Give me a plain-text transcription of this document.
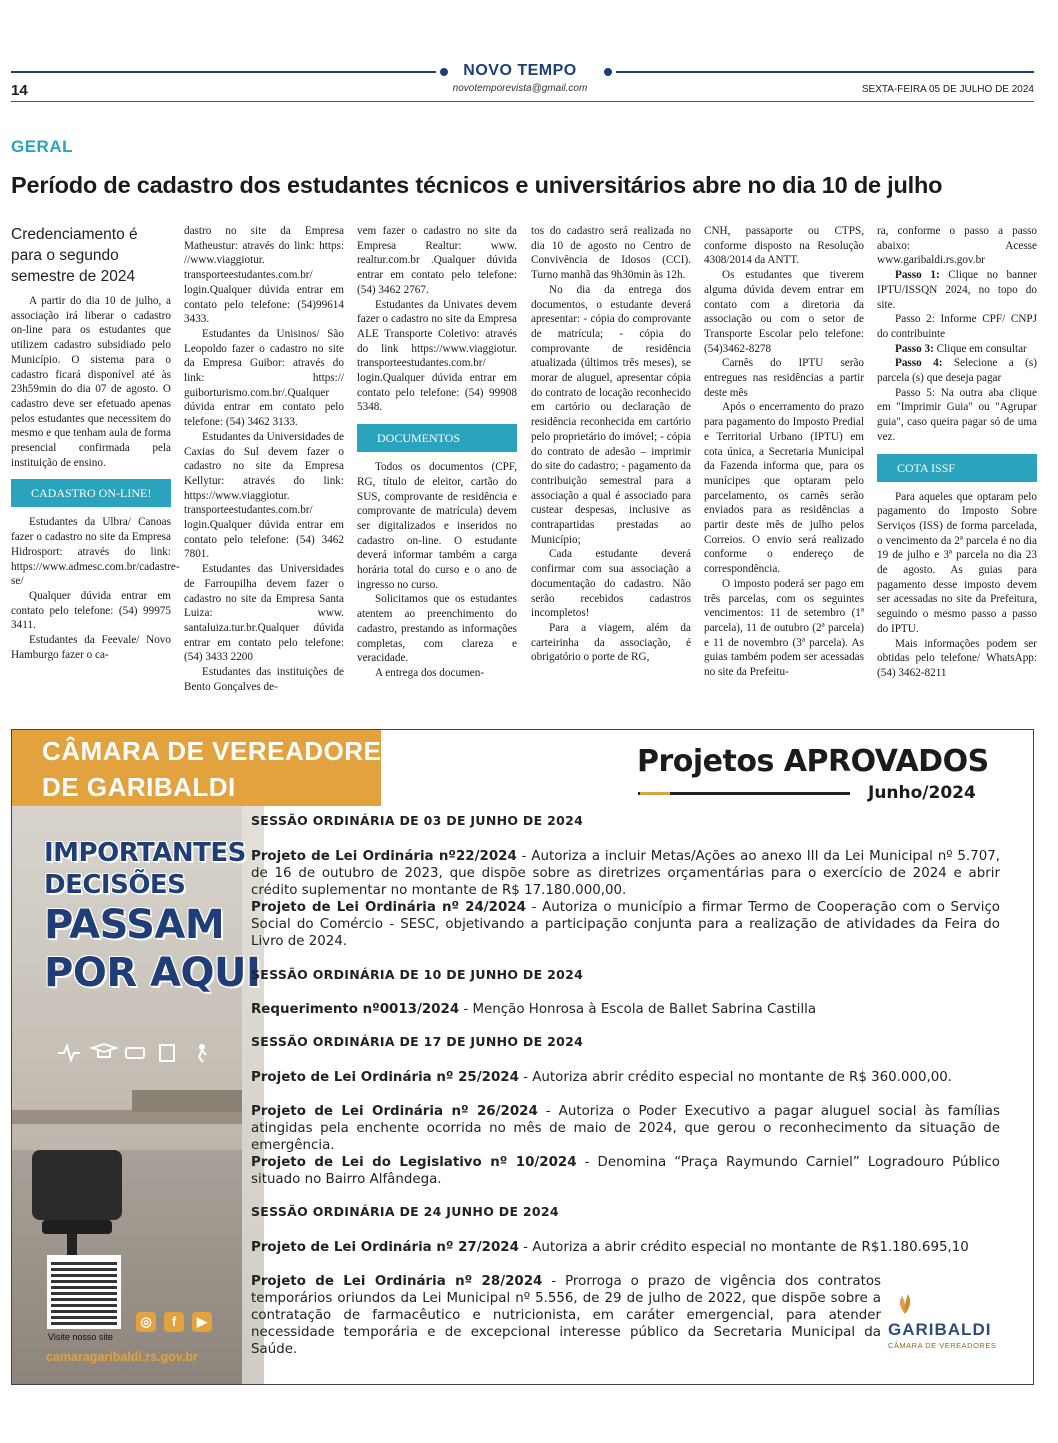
NOVO TEMPO
novotemporevista@gmail.com
14	SEXTA-FEIRA 05 DE JULHO DE 2024
GERAL
Período de cadastro dos estudantes técnicos e universitários abre no dia 10 de julho
Credenciamento é para o segundo semestre de 2024

A partir do dia 10 de julho, a associação irá liberar o cadastro on-line para os estudantes que utilizem cadastro subsidiado pelo Município. O sistema para o cadastro ficará disponível até às 23h59min do dia 07 de agosto. O cadastro deve ser efetuado apenas pelos estudantes que necessitem do mesmo e que tenham aula de forma presencial confirmada pela instituição de ensino.

CADASTRO ON-LINE!

Estudantes da Ulbra/ Canoas fazer o cadastro no site da Empresa Hidrosport: através do link: https://www.admesc.com.br/cadastre-se/

Qualquer dúvida entrar em contato pelo telefone: (54) 99975 3411.

Estudantes da Feevale/ Novo Hamburgo fazer o ca-

dastro no site da Empresa Matheustur: através do link: https: //www.viaggiotur. transporteestudantes.com.br/ login.Qualquer dúvida entrar em contato pelo telefone: (54)99614 3433.

Estudantes da Unisinos/ São Leopoldo fazer o cadastro no site da Empresa Guibor: através do link: https:// guiborturismo.com.br/.Qualquer dúvida entrar em contato pelo telefone: (54) 3462 3133.

Estudantes da Universidades de Caxias do Sul devem fazer o cadastro no site da Empresa Kellytur: através do link: https://www.viaggiotur. transporteestudantes.com.br/ login.Qualquer dúvida entrar em contato pelo telefone: (54) 3462 7801.

Estudantes das Universidades de Farroupilha devem fazer o cadastro no site da Empresa Santa Luiza: www. santaluiza.tur.br.Qualquer dúvida entrar em contato pelo telefone: (54) 3433 2200

Estudantes das instituições de Bento Gonçalves de-

vem fazer o cadastro no site da Empresa Realtur: www. realtur.com.br .Qualquer dúvida entrar em contato pelo telefone: (54) 3462 2767.

Estudantes da Univates devem fazer o cadastro no site da Empresa ALE Transporte Coletivo: através do link https://www.viaggiotur. transporteestudantes.com.br/ login.Qualquer dúvida entrar em contato pelo telefone: (54) 99908 5348.

DOCUMENTOS

Todos os documentos (CPF, RG, título de eleitor, cartão do SUS, comprovante de residência e comprovante de matrícula) devem ser digitalizados e inseridos no cadastro on-line. O estudante deverá informar também a carga horária total do curso e o ano de ingresso no curso.

Solicitamos que os estudantes atentem ao preenchimento do cadastro, prestando as informações completas, com clareza e veracidade.

A entrega dos documen-

tos do cadastro será realizada no dia 10 de agosto no Centro de Convivência de Idosos (CCI). Turno manhã das 9h30min às 12h.

No dia da entrega dos documentos, o estudante deverá apresentar: - cópia do comprovante de matrícula; - cópia do comprovante de residência atualizada (últimos três meses), se morar de aluguel, apresentar cópia do contrato de locação reconhecido em cartório ou declaração de residência reconhecida em cartório pelo proprietário do imóvel; - cópia do contrato de adesão – imprimir do site do cadastro; - pagamento da contribuição semestral para a associação a qual é associado para custear despesas, inclusive as contrapartidas prestadas ao Município;

Cada estudante deverá confirmar com sua associação a documentação do cadastro. Não serão recebidos cadastros incompletos!

Para a viagem, além da carteirinha da associação, é obrigatório o porte de RG,

CNH, passaporte ou CTPS, conforme disposto na Resolução 4308/2014 da ANTT.

Os estudantes que tiverem alguma dúvida devem entrar em contato com a diretoria da associação ou com o setor de Transporte Escolar pelo telefone: (54)3462-8278

Carnês do IPTU serão entregues nas residências a partir deste mês

Após o encerramento do prazo para pagamento do Imposto Predial e Territorial Urbano (IPTU) em cota única, a Secretaria Municipal da Fazenda informa que, para os munícipes que optaram pelo parcelamento, os carnês serão enviados para as residências a partir deste mês de julho pelos Correios. O envio será realizado conforme o endereço de correspondência.

O imposto poderá ser pago em três parcelas, com os seguintes vencimentos: 11 de setembro (1ª parcela), 11 de outubro (2ª parcela) e 11 de novembro (3ª parcela). As guias também podem ser acessadas no site da Prefeitu-

ra, conforme o passo a passo abaixo: Acesse www.garibaldi.rs.gov.br

Passo 1: Clique no banner IPTU/ISSQN 2024, no topo do site.

Passo 2: Informe CPF/ CNPJ do contribuinte

Passo 3: Clique em consultar

Passo 4: Selecione a (s) parcela (s) que deseja pagar

Passo 5: Na outra aba clique em "Imprimir Guia" ou "Agrupar guia", caso queira pagar só de uma vez.

COTA ISSF

Para aqueles que optaram pelo pagamento do Imposto Sobre Serviços (ISS) de forma parcelada, o vencimento da 2ª parcela é no dia 19 de julho e 3ª parcela no dia 23 de agosto. As guias para pagamento desse imposto devem ser acessadas no site da Prefeitura, seguindo o mesmo passo a passo do IPTU.

Mais informações podem ser obtidas pelo telefone/ WhatsApp: (54) 3462-8211

CÂMARA DE VEREADORES
DE GARIBALDI
IMPORTANTES
DECISÕES
PASSAM
POR AQUI
Visite nosso site
◎	f	▶
camaragaribaldi.rs.gov.br
Projetos APROVADOS
Junho/2024
SESSÃO ORDINÁRIA DE 03 DE JUNHO DE 2024
Projeto de Lei Ordinária nº22/2024 - Autoriza a incluir Metas/Ações ao anexo III da Lei Municipal nº 5.707, de 16 de outubro de 2023, que dispõe sobre as diretrizes orçamentárias para o exercício de 2024 e abrir crédito suplementar no montante de R$ 17.180.000,00.
Projeto de Lei Ordinária nº 24/2024 - Autoriza o município a firmar Termo de Cooperação com o Serviço Social do Comércio - SESC, objetivando a participação conjunta para a realização de atividades da Feira do Livro de 2024.
SESSÃO ORDINÁRIA DE 10 DE JUNHO DE 2024
Requerimento nº0013/2024 - Menção Honrosa à Escola de Ballet Sabrina Castilla
SESSÃO ORDINÁRIA DE 17 DE JUNHO DE 2024
Projeto de Lei Ordinária nº 25/2024 - Autoriza abrir crédito especial no montante de R$ 360.000,00.
Projeto de Lei Ordinária nº 26/2024 - Autoriza o Poder Executivo a pagar aluguel social às famílias atingidas pela enchente ocorrida no mês de maio de 2024, que gerou o reconhecimento da situação de emergência.
Projeto de Lei do Legislativo nº 10/2024 - Denomina “Praça Raymundo Carniel” Logradouro Público situado no Bairro Alfândega.
SESSÃO ORDINÁRIA DE 24 JUNHO DE 2024
Projeto de Lei Ordinária nº 27/2024 - Autoriza a abrir crédito especial no montante de R$1.180.695,10
Projeto de Lei Ordinária nº 28/2024 - Prorroga o prazo de vigência dos contratos temporários oriundos da Lei Municipal nº 5.556, de 29 de julho de 2022, que dispõe sobre a contratação de farmacêutico e nutricionista, em caráter emergencial, para atender necessidade temporária e de excepcional interesse público da Secretaria Municipal da Saúde.
GARIBALDI
CÂMARA DE VEREADORES
